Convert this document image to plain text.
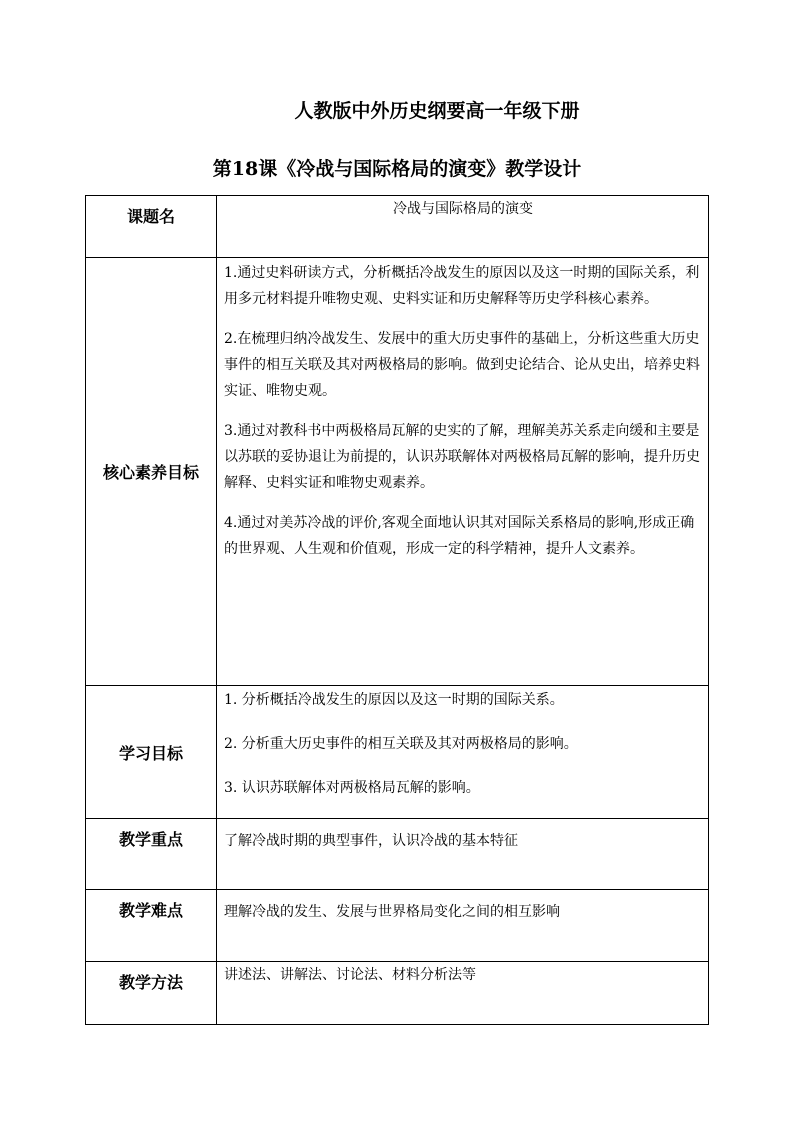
人教版中外历史纲要高一年级下册
第18课《冷战与国际格局的演变》教学设计
课题名	冷战与国际格局的演变
核心素养目标	1.通过史料研读方式，分析概括冷战发生的原因以及这一时期的国际关系，利用多元材料提升唯物史观、史料实证和历史解释等历史学科核心素养。

2.在梳理归纳冷战发生、发展中的重大历史事件的基础上，分析这些重大历史事件的相互关联及其对两极格局的影响。做到史论结合、论从史出，培养史料实证、唯物史观。

3.通过对教科书中两极格局瓦解的史实的了解，理解美苏关系走向缓和主要是以苏联的妥协退让为前提的，认识苏联解体对两极格局瓦解的影响，提升历史解释、史料实证和唯物史观素养。

4.通过对美苏冷战的评价,客观全面地认识其对国际关系格局的影响,形成正确的世界观、人生观和价值观，形成一定的科学精神，提升人文素养。

学习目标	1. 分析概括冷战发生的原因以及这一时期的国际关系。

2. 分析重大历史事件的相互关联及其对两极格局的影响。

3. 认识苏联解体对两极格局瓦解的影响。

教学重点	了解冷战时期的典型事件，认识冷战的基本特征
教学难点	理解冷战的发生、发展与世界格局变化之间的相互影响
教学方法	讲述法、讲解法、讨论法、材料分析法等
